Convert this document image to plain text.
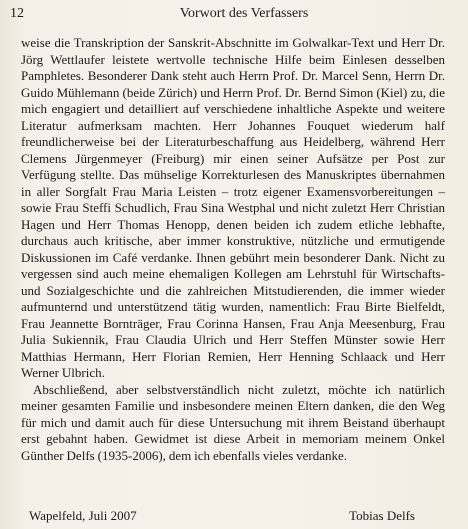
12	Vorwort des Verfassers

weise die Transkription der Sanskrit-Abschnitte im Golwalkar-Text und Herr Dr. Jörg Wettlaufer leistete wertvolle technische Hilfe beim Einlesen desselben Pamphletes. Besonderer Dank steht auch Herrn Prof. Dr. Marcel Senn, Herrn Dr. Guido Mühlemann (beide Zürich) und Herrn Prof. Dr. Bernd Simon (Kiel) zu, die mich engagiert und detailliert auf verschiedene inhaltliche Aspekte und weitere Literatur aufmerksam machten. Herr Johannes Fouquet wiederum half freundlicherweise bei der Literaturbeschaffung aus Heidelberg, während Herr Clemens Jürgenmeyer (Freiburg) mir einen seiner Aufsätze per Post zur Verfügung stellte. Das mühselige Korrekturlesen des Manuskriptes übernahmen in aller Sorgfalt Frau Maria Leisten – trotz eigener Examensvorbereitungen – sowie Frau Steffi Schudlich, Frau Sina Westphal und nicht zuletzt Herr Christian Hagen und Herr Thomas Henopp, denen beiden ich zudem etliche lebhafte, durchaus auch kritische, aber immer konstruktive, nützliche und ermutigende Diskussionen im Café verdanke. Ihnen gebührt mein besonderer Dank. Nicht zu vergessen sind auch meine ehemaligen Kollegen am Lehrstuhl für Wirtschafts- und Sozialgeschichte und die zahlreichen Mitstudierenden, die immer wieder aufmunternd und unterstützend tätig wurden, namentlich: Frau Birte Bielfeldt, Frau Jeannette Bornträger, Frau Corinna Hansen, Frau Anja Meesenburg, Frau Julia Sukiennik, Frau Claudia Ulrich und Herr Steffen Münster sowie Herr Matthias Hermann, Herr Florian Remien, Herr Henning Schlaack und Herr Werner Ulbrich.

Abschließend, aber selbstverständlich nicht zuletzt, möchte ich natürlich meiner gesamten Familie und insbesondere meinen Eltern danken, die den Weg für mich und damit auch für diese Untersuchung mit ihrem Beistand überhaupt erst gebahnt haben. Gewidmet ist diese Arbeit in memoriam meinem Onkel Günther Delfs (1935-2006), dem ich ebenfalls vieles verdanke.

Wapelfeld, Juli 2007	Tobias Delfs
